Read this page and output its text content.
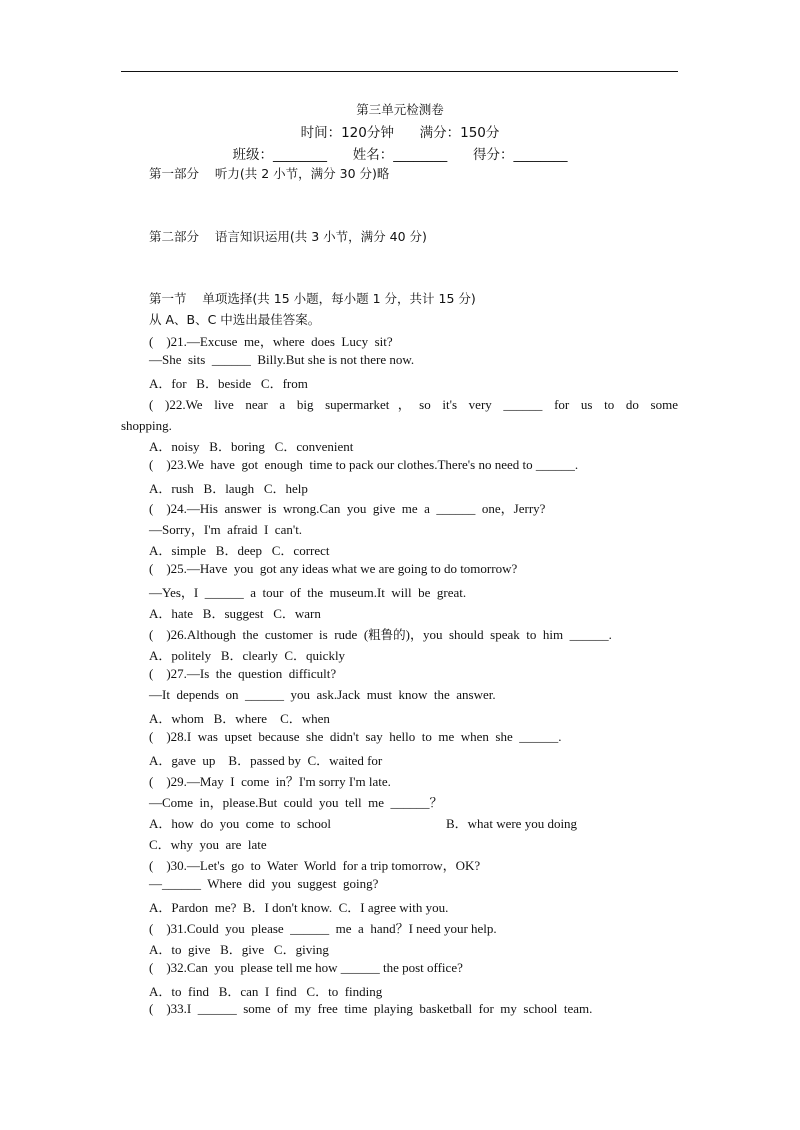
第三单元检测卷
时间：120分钟      满分：150分
班级：________      姓名：________      得分：________
第一部分    听力(共 2 小节，满分 30 分)略
第二部分    语言知识运用(共 3 小节，满分 40 分)
第一节    单项选择(共 15 小题，每小题 1 分，共计 15 分)
从 A、B、C 中选出最佳答案。
(    )21.—Excuse  me，where  does  Lucy  sit?
—She  sits  ______  Billy.But she is not there now.
A．for   B．beside   C．from
( )22.We live near a big supermarket，so it's very ______ for us to do some
shopping.
A．noisy   B．boring   C．convenient
(    )23.We  have  got  enough  time to pack our clothes.There's no need to ______.
A．rush   B．laugh   C．help
(    )24.—His  answer  is  wrong.Can  you  give  me  a  ______  one，Jerry?
—Sorry，I'm  afraid  I  can't.
A．simple   B．deep   C．correct
(    )25.—Have  you  got any ideas what we are going to do tomorrow?
—Yes，I  ______  a  tour  of  the  museum.It  will  be  great.
A．hate   B．suggest   C．warn
(    )26.Although  the  customer  is  rude  (粗鲁的)，you  should  speak  to  him  ______.
A．politely   B．clearly  C．quickly
(    )27.—Is  the  question  difficult?
—It  depends  on  ______  you  ask.Jack  must  know  the  answer.
A．whom   B．where    C．when
(    )28.I  was  upset  because  she  didn't  say  hello  to  me  when  she  ______.
A．gave  up    B．passed by  C．waited for
(    )29.—May  I  come  in？I'm sorry I'm late.
—Come  in，please.But  could  you  tell  me  ______？
A．how  do  you  come  to  school	B．what were you doing
C．why  you  are  late
(    )30.—Let's  go  to  Water  World  for a trip tomorrow，OK?
—______  Where  did  you  suggest  going?
A．Pardon  me?  B．I don't know.  C．I agree with you.
(    )31.Could  you  please  ______  me  a  hand？I need your help.
A．to  give   B．give   C．giving
(    )32.Can  you  please tell me how ______ the post office?
A．to  find   B．can  I  find   C．to  finding
(    )33.I  ______  some  of  my  free  time  playing  basketball  for  my  school  team.
